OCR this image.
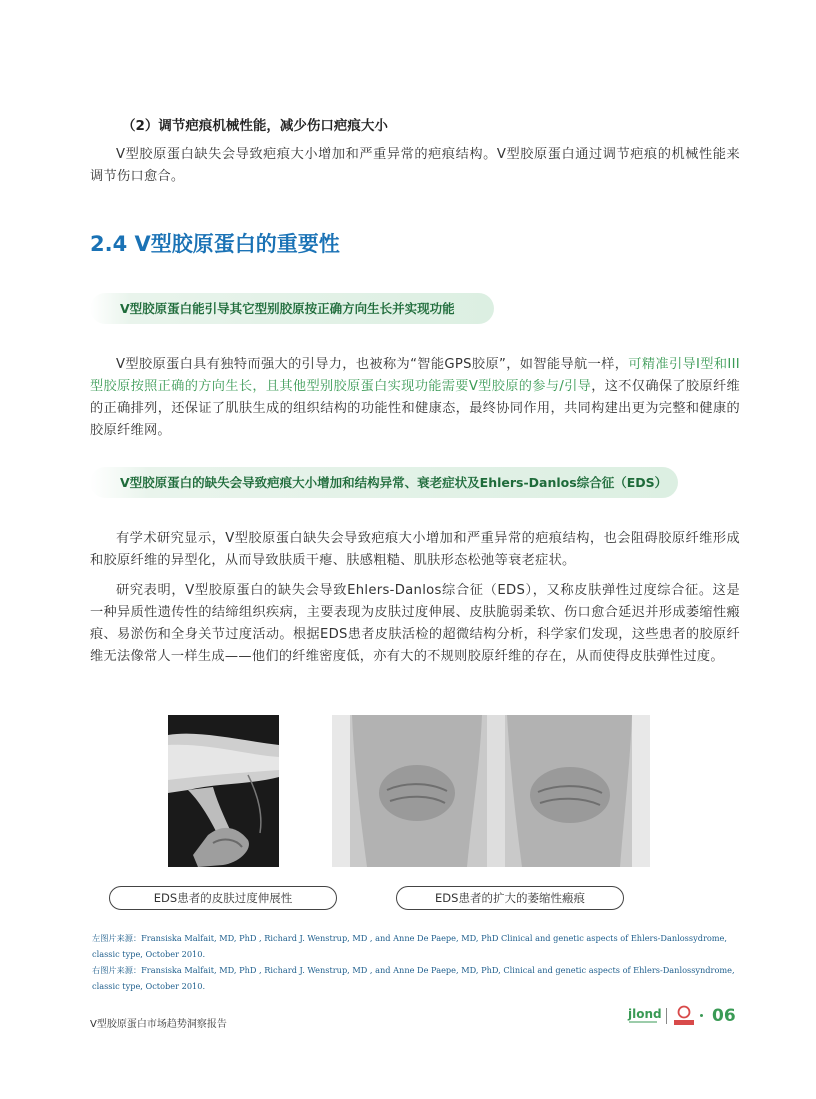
（2）调节疤痕机械性能，减少伤口疤痕大小

V型胶原蛋白缺失会导致疤痕大小增加和严重异常的疤痕结构。V型胶原蛋白通过调节疤痕的机械性能来调节伤口愈合。

2.4 V型胶原蛋白的重要性
V型胶原蛋白能引导其它型别胶原按正确方向生长并实现功能

V型胶原蛋白具有独特而强大的引导力，也被称为“智能GPS胶原”，如智能导航一样，可精准引导I型和III型胶原按照正确的方向生长，且其他型别胶原蛋白实现功能需要V型胶原的参与/引导，这不仅确保了胶原纤维的正确排列，还保证了肌肤生成的组织结构的功能性和健康态，最终协同作用，共同构建出更为完整和健康的胶原纤维网。

V型胶原蛋白的缺失会导致疤痕大小增加和结构异常、衰老症状及Ehlers-Danlos综合征（EDS）

有学术研究显示，V型胶原蛋白缺失会导致疤痕大小增加和严重异常的疤痕结构，也会阻碍胶原纤维形成和胶原纤维的异型化，从而导致肤质干瘪、肤感粗糙、肌肤形态松弛等衰老症状。

研究表明，V型胶原蛋白的缺失会导致Ehlers-Danlos综合征（EDS），又称皮肤弹性过度综合征。这是一种异质性遗传性的结缔组织疾病，主要表现为皮肤过度伸展、皮肤脆弱柔软、伤口愈合延迟并形成萎缩性瘢痕、易淤伤和全身关节过度活动。根据EDS患者皮肤活检的超微结构分析，科学家们发现，这些患者的胶原纤维无法像常人一样生成——他们的纤维密度低，亦有大的不规则胶原纤维的存在，从而使得皮肤弹性过度。

EDS患者的皮肤过度伸展性	EDS患者的扩大的萎缩性瘢痕

左图片来源：Fransiska Malfait, MD, PhD , Richard J. Wenstrup, MD , and Anne De Paepe, MD, PhD Clinical and genetic aspects of Ehlers-Danlossydrome, classic type, October 2010.

右图片来源：Fransiska Malfait, MD, PhD , Richard J. Wenstrup, MD , and Anne De Paepe, MD, PhD, Clinical and genetic aspects of Ehlers-Danlossyndrome, classic type, October 2010.

V型胶原蛋白市场趋势洞察报告
jlond	06
